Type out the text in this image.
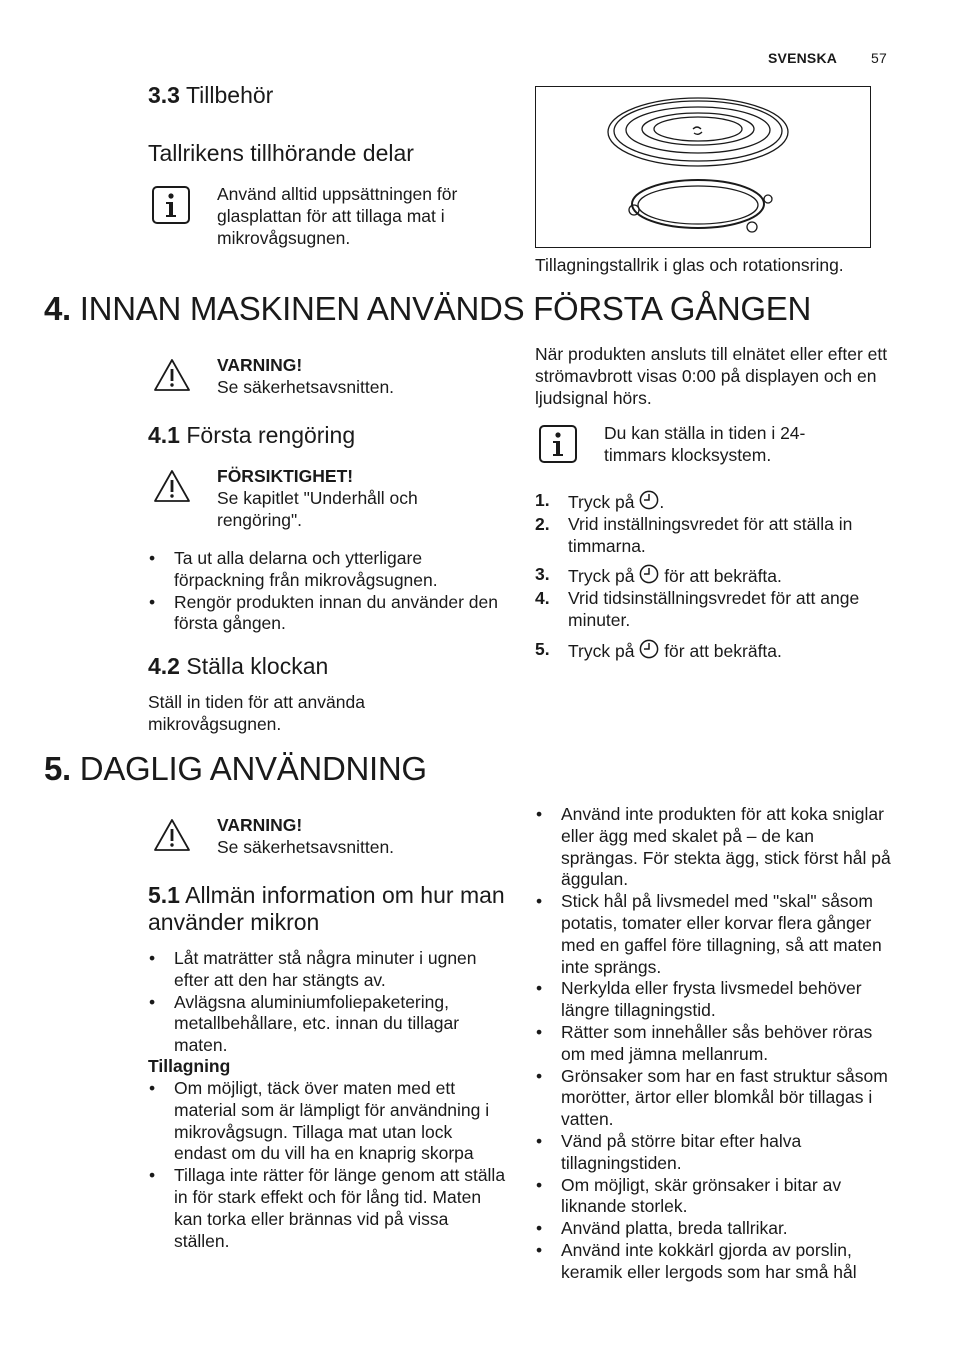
SVENSKA 57
3.3 Tillbehör
Tallrikens tillhörande delar
Använd alltid uppsättningen för glasplattan för att tillaga mat i mikrovågsugnen.
Tillagningstallrik i glas och rotationsring.
4. INNAN MASKINEN ANVÄNDS FÖRSTA GÅNGEN
VARNING!
Se säkerhetsavsnitten.
4.1 Första rengöring
FÖRSIKTIGHET!
Se kapitlet "Underhåll och rengöring".
• Ta ut alla delarna och ytterligare förpackning från mikrovågsugnen.
• Rengör produkten innan du använder den första gången.
4.2 Ställa klockan
Ställ in tiden för att använda mikrovågsugnen.
När produkten ansluts till elnätet eller efter ett strömavbrott visas 0:00 på displayen och en ljudsignal hörs.
Du kan ställa in tiden i 24-timmars klocksystem.
1. Tryck på .
2. Vrid inställningsvredet för att ställa in timmarna.
3. Tryck på  för att bekräfta.
4. Vrid tidsinställningsvredet för att ange minuter.
5. Tryck på  för att bekräfta.
5. DAGLIG ANVÄNDNING
VARNING!
Se säkerhetsavsnitten.
5.1 Allmän information om hur man använder mikron
• Låt maträtter stå några minuter i ugnen efter att den har stängts av.
• Avlägsna aluminiumfoliepaketering, metallbehållare, etc. innan du tillagar maten.
Tillagning
• Om möjligt, täck över maten med ett material som är lämpligt för användning i mikrovågsugn. Tillaga mat utan lock endast om du vill ha en knaprig skorpa
• Tillaga inte rätter för länge genom att ställa in för stark effekt och för lång tid. Maten kan torka eller brännas vid på vissa ställen.
• Använd inte produkten för att koka sniglar eller ägg med skalet på – de kan sprängas. För stekta ägg, stick först hål på äggulan.
• Stick hål på livsmedel med "skal" såsom potatis, tomater eller korvar flera gånger med en gaffel före tillagning, så att maten inte sprängs.
• Nerkylda eller frysta livsmedel behöver längre tillagningstid.
• Rätter som innehåller sås behöver röras om med jämna mellanrum.
• Grönsaker som har en fast struktur såsom morötter, ärtor eller blomkål bör tillagas i vatten.
• Vänd på större bitar efter halva tillagningstiden.
• Om möjligt, skär grönsaker i bitar av liknande storlek.
• Använd platta, breda tallrikar.
• Använd inte kokkärl gjorda av porslin, keramik eller lergods som har små hål
